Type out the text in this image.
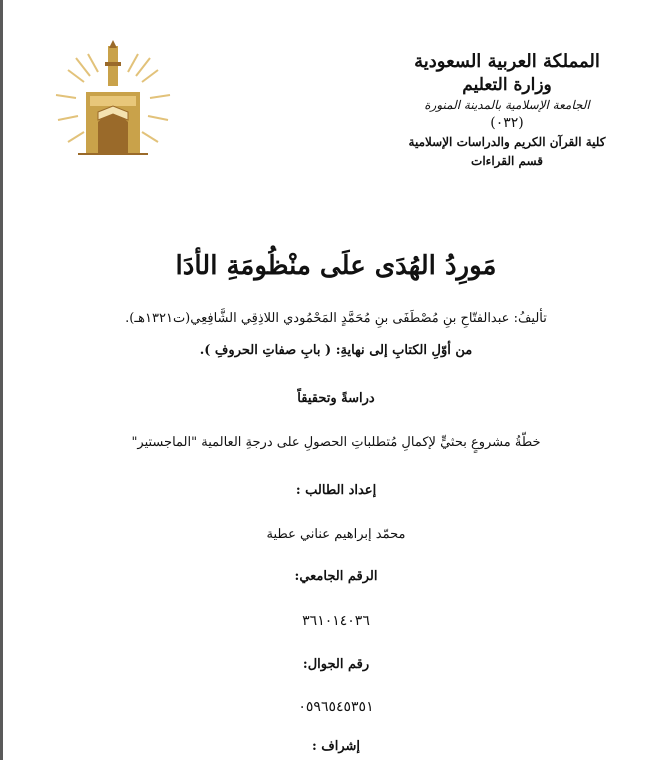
المملكة العربية السعودية
وزارة التعليم
الجامعة الإسلامية بالمدينة المنورة
(٠٣٢)
كلية القرآن الكريم والدراسات الإسلامية
قسم القراءات
مَورِدُ الهُدَى علَى منْظُومَةِ الأدَا
تأليفُ: عبدالفتّاحِ بنِ مُصْطَفَى بنِ مُحَمَّدٍ المَحْمُودي اللاذِقِي الشَّافِعِي(ت١٣٢١هـ).
من أوّلِ الكتابِ إلى نهايةِ: ( بابِ صفاتِ الحروفِ ).
دراسةً وتحقيقاً
خطّةُ مشروعٍ بحثيٍّ لإكمالِ مُتطلباتِ الحصولِ على درجةِ العالمية "الماجستير"
إعداد الطالب :
محمّد إبراهيم عناني عطية
الرقم الجامعي:
٣٦١٠١٤٠٣٦
رقم الجوال:
٠٥٩٦٥٤٥٣٥١
إشراف :
